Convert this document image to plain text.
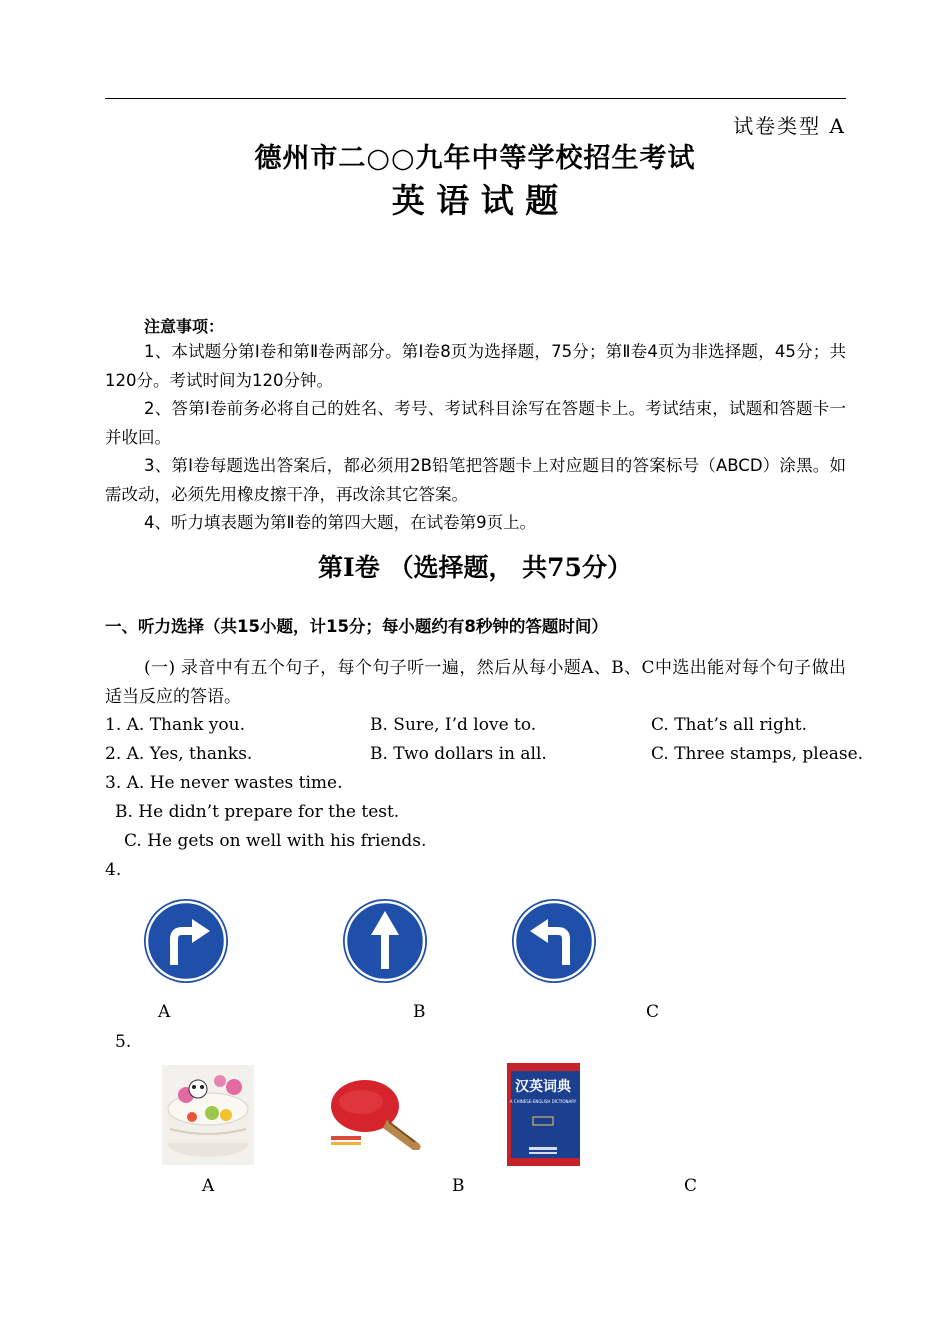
试卷类型 A
德州市二○○九年中等学校招生考试
英 语 试 题
注意事项：

1、本试题分第Ⅰ卷和第Ⅱ卷两部分。第Ⅰ卷8页为选择题，75分；第Ⅱ卷4页为非选择题，45分；共120分。考试时间为120分钟。

2、答第Ⅰ卷前务必将自己的姓名、考号、考试科目涂写在答题卡上。考试结束，试题和答题卡一并收回。

3、第Ⅰ卷每题选出答案后，都必须用2B铅笔把答题卡上对应题目的答案标号（ABCD）涂黑。如需改动，必须先用橡皮擦干净，再改涂其它答案。

4、听力填表题为第Ⅱ卷的第四大题，在试卷第9页上。

第Ⅰ卷 （选择题， 共75分）
一、听力选择（共15小题，计15分；每小题约有8秒钟的答题时间）

(一) 录音中有五个句子，每个句子听一遍，然后从每小题A、B、C中选出能对每个句子做出适当反应的答语。

1. A. Thank you.	B. Sure, I’d love to.	C. That’s all right.
2. A. Yes, thanks.	B. Two dollars in all.	C. Three stamps, please.
3. A. He never wastes time.
B. He didn’t prepare for the test.
C. He gets on well with his friends.
4.
A	B	C
5.
汉英词典
A CHINESE-ENGLISH DICTIONARY
A	B	C
